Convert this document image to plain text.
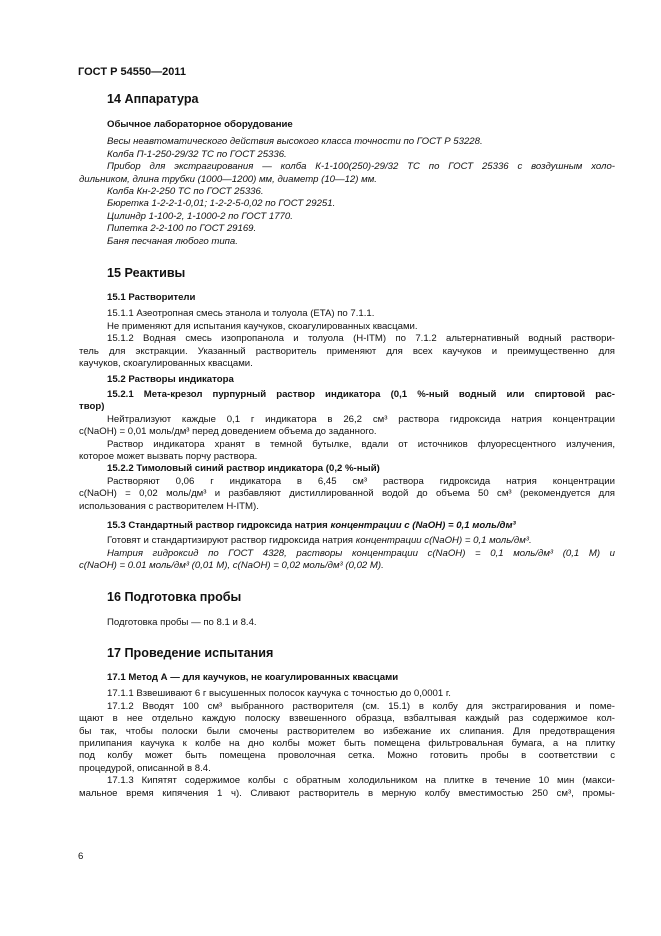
ГОСТ Р 54550—2011
14 Аппаратура
Обычное лабораторное оборудование

Весы неавтоматического действия высокого класса точности по ГОСТ Р 53228.

Колба П-1-250-29/32 ТС по ГОСТ 25336.

Прибор для экстрагирования — колба К-1-100(250)-29/32 ТС по ГОСТ 25336 с воздушным холо-

дильником, длина трубки (1000—1200) мм, диаметр (10—12) мм.

Колба Кн-2-250 ТС по ГОСТ 25336.

Бюретка 1-2-2-1-0,01; 1-2-2-5-0,02 по ГОСТ 29251.

Цилиндр 1-100-2, 1-1000-2 по ГОСТ 1770.

Пипетка 2-2-100 по ГОСТ 29169.

Баня песчаная любого типа.

15 Реактивы
15.1 Растворители

15.1.1 Азеотропная смесь этанола и толуола (ETA) по 7.1.1.

Не применяют для испытания каучуков, скоагулированных квасцами.

15.1.2 Водная смесь изопропанола и толуола (H-ITM) по 7.1.2 альтернативный водный раствори-

тель для экстракции. Указанный растворитель применяют для всех каучуков и преимущественно для

каучуков, скоагулированных квасцами.

15.2 Растворы индикатора

15.2.1 Мета-крезол пурпурный раствор индикатора (0,1 %-ный водный или спиртовой рас-

твор)

Нейтрализуют каждые 0,1 г индикатора в 26,2 см³ раствора гидроксида натрия концентрации

c(NaOH) = 0,01 моль/дм³ перед доведением объема до заданного.

Раствор индикатора хранят в темной бутылке, вдали от источников флуоресцентного излучения,

которое может вызвать порчу раствора.

15.2.2 Тимоловый синий раствор индикатора (0,2 %-ный)

Растворяют 0,06 г индикатора в 6,45 см³ раствора гидроксида натрия концентрации

c(NaOH) = 0,02 моль/дм³ и разбавляют дистиллированной водой до объема 50 см³ (рекомендуется для

использования с растворителем H-ITM).

15.3 Стандартный раствор гидроксида натрия концентрации c (NaOH) = 0,1 моль/дм³

Готовят и стандартизируют раствор гидроксида натрия концентрации c(NaOH) = 0,1 моль/дм³.

Натрия гидроксид по ГОСТ 4328, растворы концентрации c(NaOH) = 0,1 моль/дм³ (0,1 М) и

c(NaOH) = 0.01 моль/дм³ (0,01 М), c(NaOH) = 0,02 моль/дм³ (0,02 М).

16 Подготовка пробы

Подготовка пробы — по 8.1 и 8.4.

17 Проведение испытания
17.1 Метод А — для каучуков, не коагулированных квасцами

17.1.1 Взвешивают 6 г высушенных полосок каучука с точностью до 0,0001 г.

17.1.2 Вводят 100 см³ выбранного растворителя (см. 15.1) в колбу для экстрагирования и поме-

щают в нее отдельно каждую полоску взвешенного образца, взбалтывая каждый раз содержимое кол-

бы так, чтобы полоски были смочены растворителем во избежание их слипания. Для предотвращения

прилипания каучука к колбе на дно колбы может быть помещена фильтровальная бумага, а на плитку

под колбу может быть помещена проволочная сетка. Можно готовить пробы в соответствии с

процедурой, описанной в 8.4.

17.1.3 Кипятят содержимое колбы с обратным холодильником на плитке в течение 10 мин (макси-

мальное время кипячения 1 ч). Сливают растворитель в мерную колбу вместимостью 250 см³, промы-

6
